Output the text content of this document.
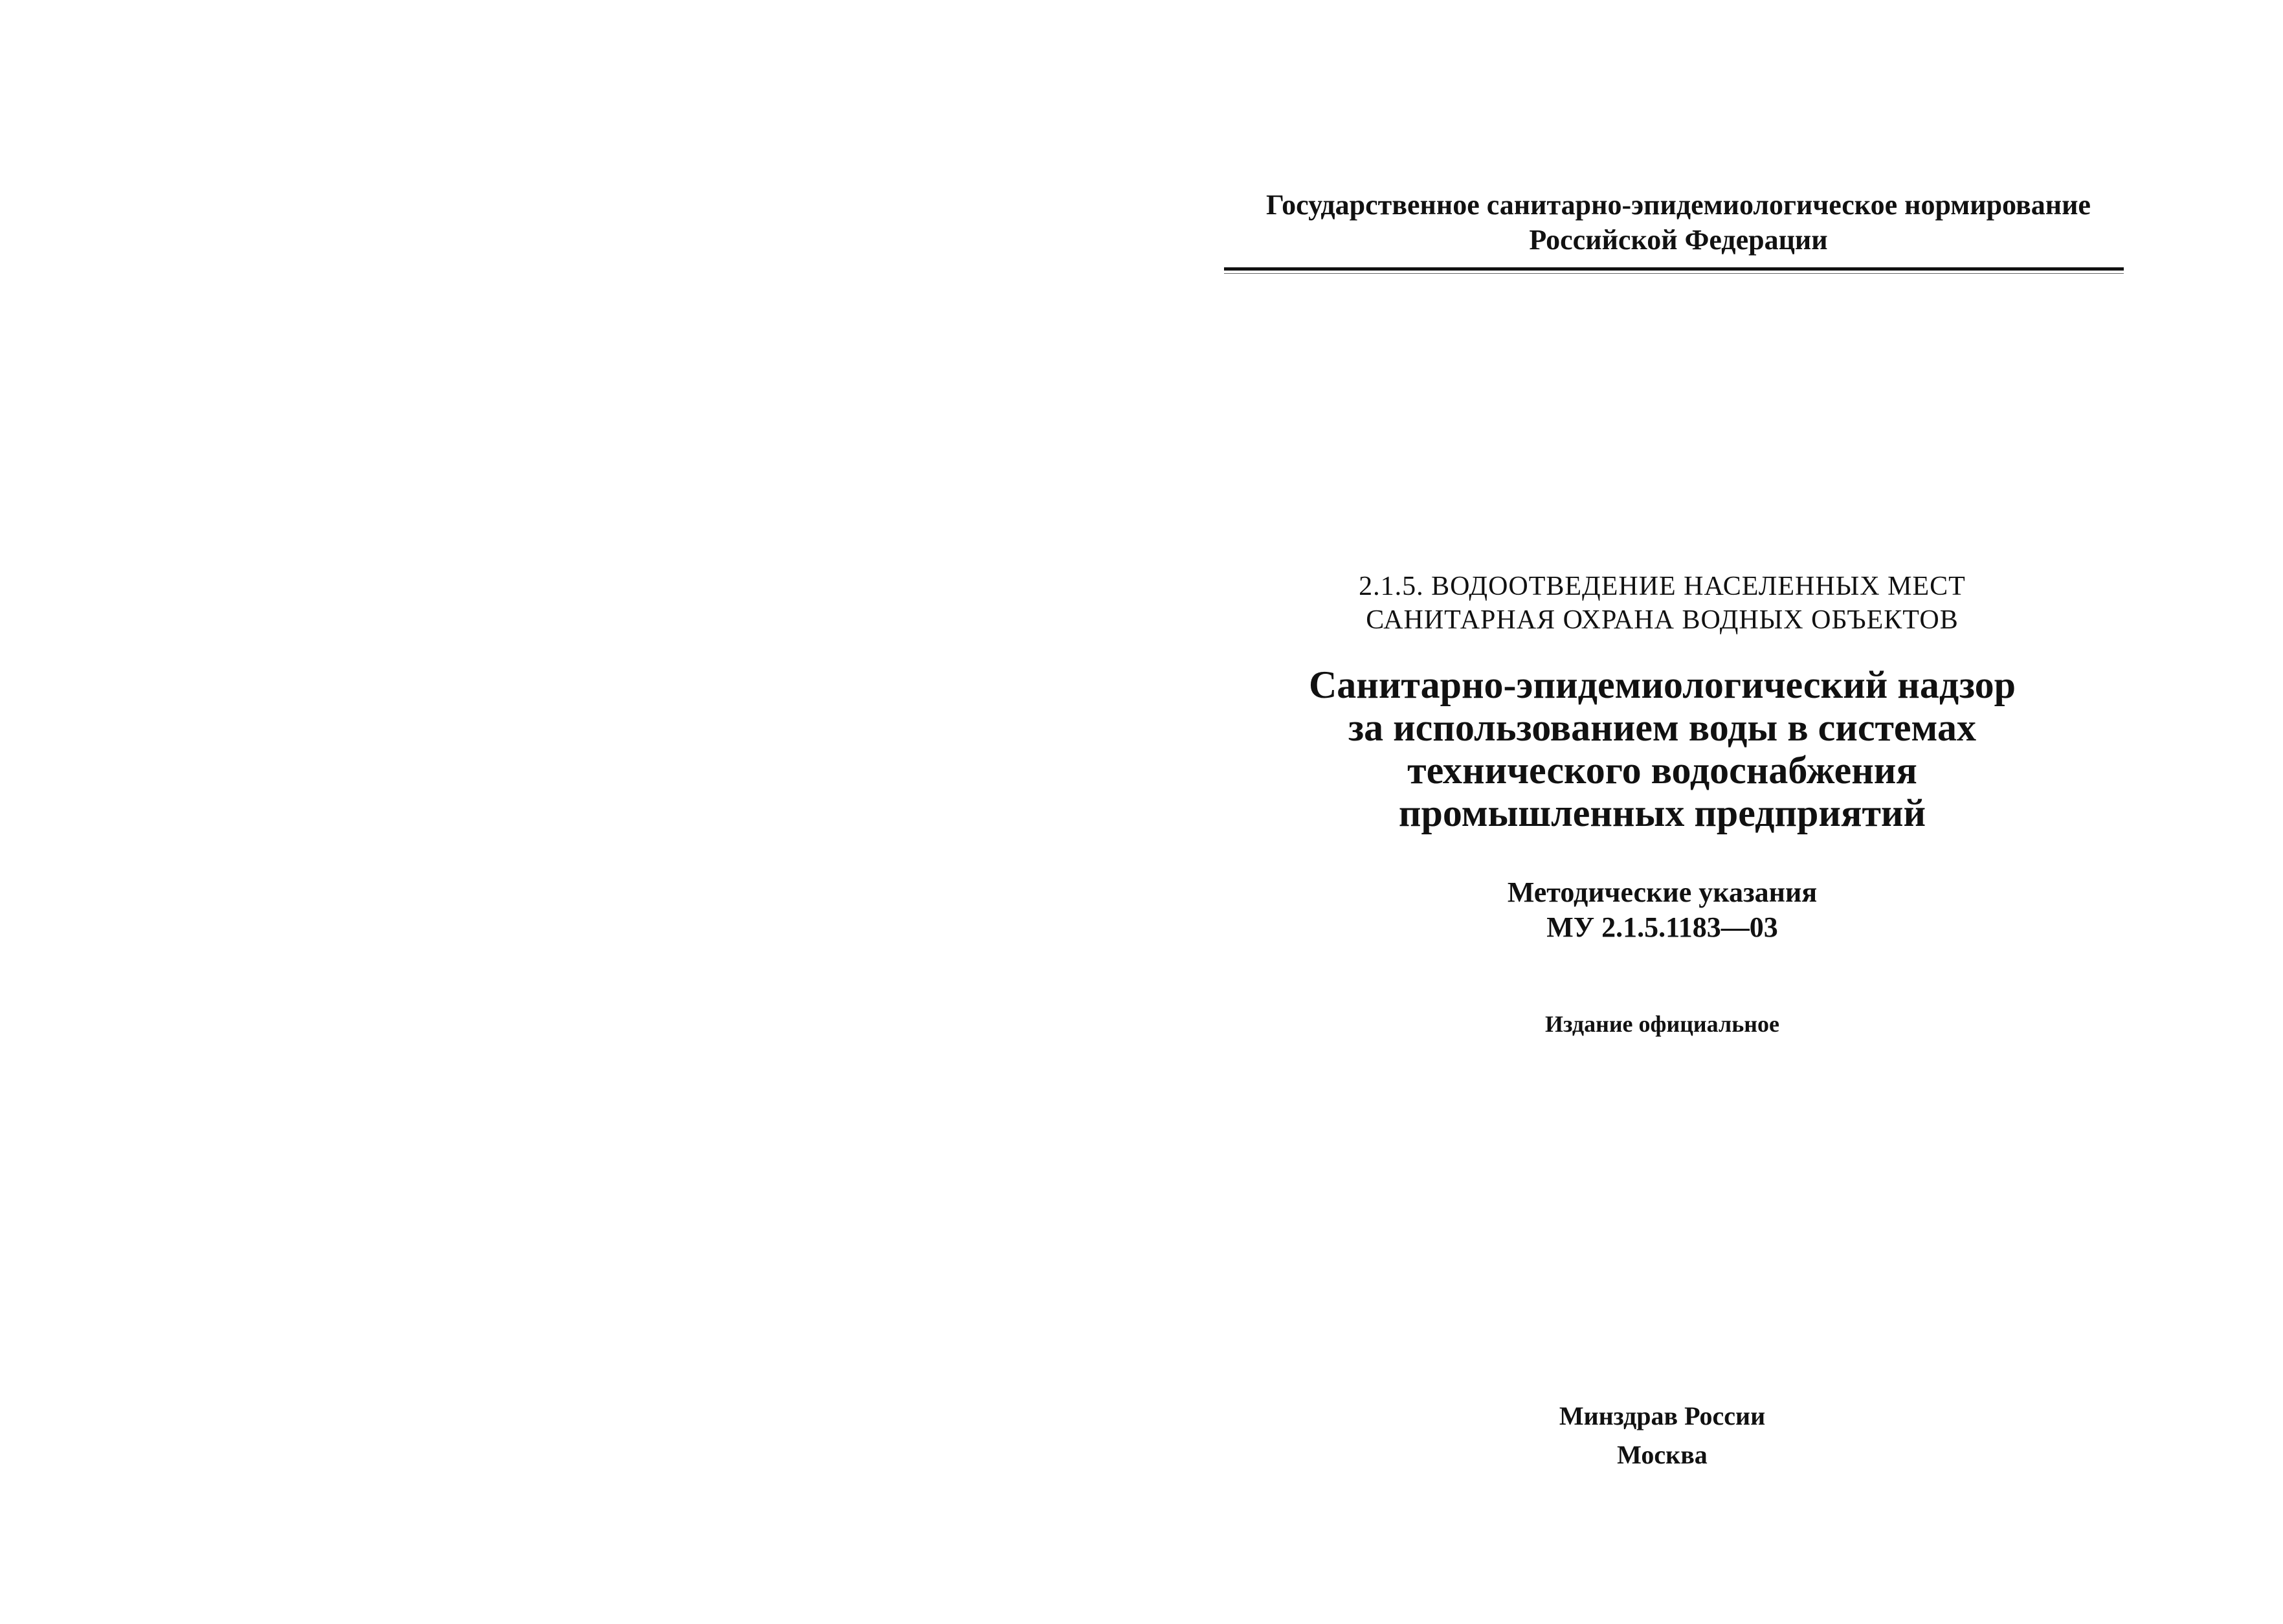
Государственное санитарно-эпидемиологическое нормирование
Российской Федерации
2.1.5. ВОДООТВЕДЕНИЕ НАСЕЛЕННЫХ МЕСТ
САНИТАРНАЯ ОХРАНА ВОДНЫХ ОБЪЕКТОВ
Санитарно-эпидемиологический надзор
за использованием воды в системах
технического водоснабжения
промышленных предприятий
Методические указания
МУ 2.1.5.1183—03
Издание официальное
Минздрав России
Москва
